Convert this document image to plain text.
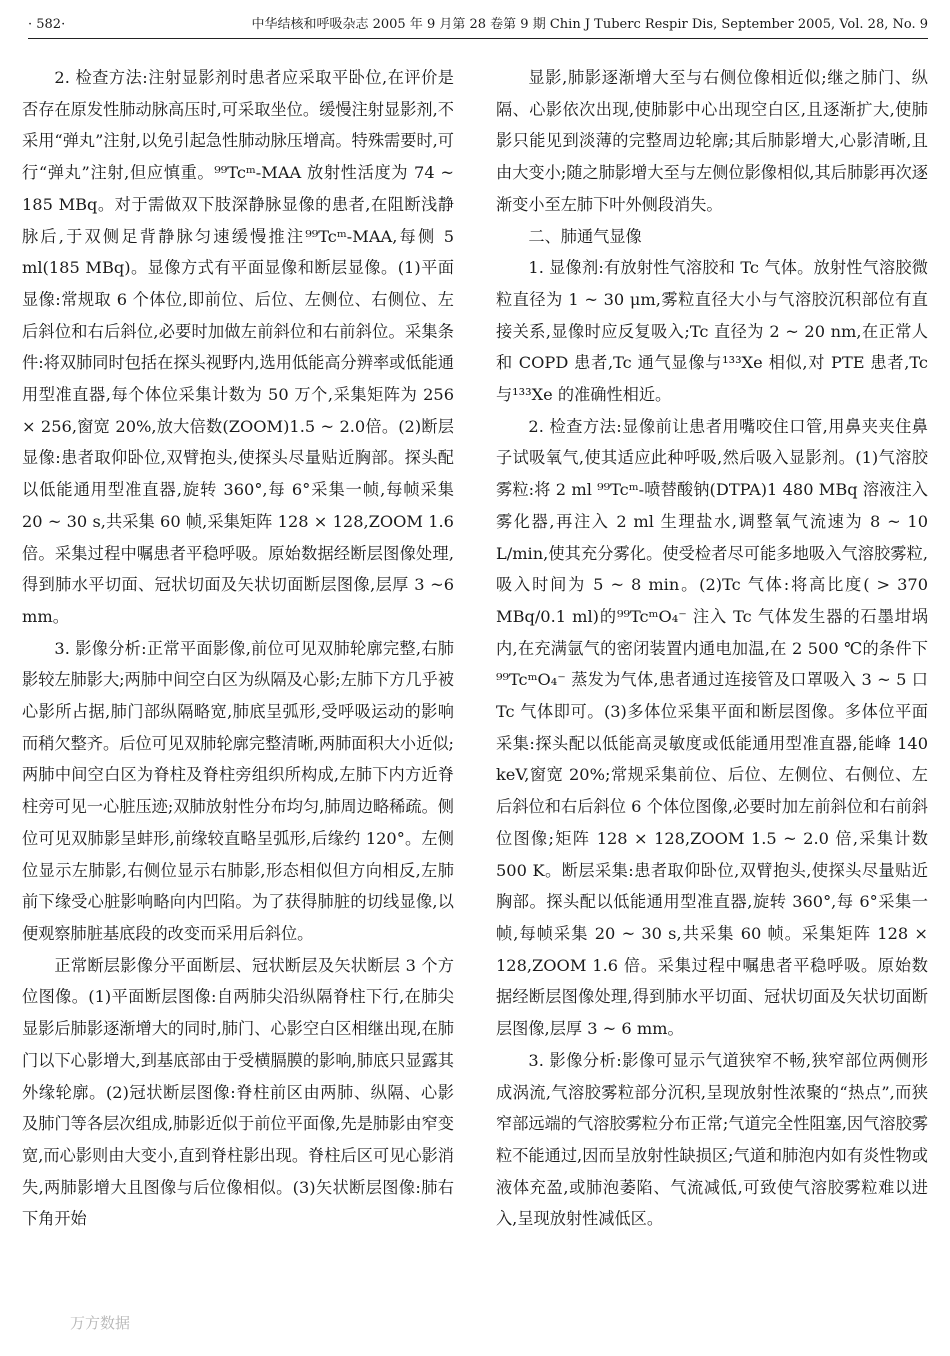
· 582·	中华结核和呼吸杂志 2005 年 9 月第 28 卷第 9 期 Chin J Tuberc Respir Dis, September 2005, Vol. 28, No. 9

2. 检查方法:注射显影剂时患者应采取平卧位,在评价是否存在原发性肺动脉高压时,可采取坐位。缓慢注射显影剂,不采用“弹丸”注射,以免引起急性肺动脉压增高。特殊需要时,可行“弹丸”注射,但应慎重。⁹⁹Tcᵐ-MAA 放射性活度为 74 ~ 185 MBq。对于需做双下肢深静脉显像的患者,在阻断浅静脉后,于双侧足背静脉匀速缓慢推注⁹⁹Tcᵐ-MAA,每侧 5 ml(185 MBq)。显像方式有平面显像和断层显像。(1)平面显像:常规取 6 个体位,即前位、后位、左侧位、右侧位、左后斜位和右后斜位,必要时加做左前斜位和右前斜位。采集条件:将双肺同时包括在探头视野内,选用低能高分辨率或低能通用型准直器,每个体位采集计数为 50 万个,采集矩阵为 256 × 256,窗宽 20%,放大倍数(ZOOM)1.5 ~ 2.0倍。(2)断层显像:患者取仰卧位,双臂抱头,使探头尽量贴近胸部。探头配以低能通用型准直器,旋转 360°,每 6°采集一帧,每帧采集 20 ~ 30 s,共采集 60 帧,采集矩阵 128 × 128,ZOOM 1.6 倍。采集过程中嘱患者平稳呼吸。原始数据经断层图像处理,得到肺水平切面、冠状切面及矢状切面断层图像,层厚 3 ~6 mm。

3. 影像分析:正常平面影像,前位可见双肺轮廓完整,右肺影较左肺影大;两肺中间空白区为纵隔及心影;左肺下方几乎被心影所占据,肺门部纵隔略宽,肺底呈弧形,受呼吸运动的影响而稍欠整齐。后位可见双肺轮廓完整清晰,两肺面积大小近似;两肺中间空白区为脊柱及脊柱旁组织所构成,左肺下内方近脊柱旁可见一心脏压迹;双肺放射性分布均匀,肺周边略稀疏。侧位可见双肺影呈蚌形,前缘较直略呈弧形,后缘约 120°。左侧位显示左肺影,右侧位显示右肺影,形态相似但方向相反,左肺前下缘受心脏影响略向内凹陷。为了获得肺脏的切线显像,以便观察肺脏基底段的改变而采用后斜位。

正常断层影像分平面断层、冠状断层及矢状断层 3 个方位图像。(1)平面断层图像:自两肺尖沿纵隔脊柱下行,在肺尖显影后肺影逐渐增大的同时,肺门、心影空白区相继出现,在肺门以下心影增大,到基底部由于受横膈膜的影响,肺底只显露其外缘轮廓。(2)冠状断层图像:脊柱前区由两肺、纵隔、心影及肺门等各层次组成,肺影近似于前位平面像,先是肺影由窄变宽,而心影则由大变小,直到脊柱影出现。脊柱后区可见心影消失,两肺影增大且图像与后位像相似。(3)矢状断层图像:肺右下角开始

显影,肺影逐渐增大至与右侧位像相近似;继之肺门、纵隔、心影依次出现,使肺影中心出现空白区,且逐渐扩大,使肺影只能见到淡薄的完整周边轮廓;其后肺影增大,心影清晰,且由大变小;随之肺影增大至与左侧位影像相似,其后肺影再次逐渐变小至左肺下叶外侧段消失。

二、肺通气显像

1. 显像剂:有放射性气溶胶和 Tc 气体。放射性气溶胶微粒直径为 1 ~ 30 μm,雾粒直径大小与气溶胶沉积部位有直接关系,显像时应反复吸入;Tc 直径为 2 ~ 20 nm,在正常人和 COPD 患者,Tc 通气显像与¹³³Xe 相似,对 PTE 患者,Tc 与¹³³Xe 的准确性相近。

2. 检查方法:显像前让患者用嘴咬住口管,用鼻夹夹住鼻子试吸氧气,使其适应此种呼吸,然后吸入显影剂。(1)气溶胶雾粒:将 2 ml ⁹⁹Tcᵐ-喷替酸钠(DTPA)1 480 MBq 溶液注入雾化器,再注入 2 ml 生理盐水,调整氧气流速为 8 ~ 10 L/min,使其充分雾化。使受检者尽可能多地吸入气溶胶雾粒,吸入时间为 5 ~ 8 min。(2)Tc 气体:将高比度( > 370 MBq/0.1 ml)的⁹⁹TcᵐO₄⁻ 注入 Tc 气体发生器的石墨坩埚内,在充满氩气的密闭装置内通电加温,在 2 500 ℃的条件下⁹⁹TcᵐO₄⁻ 蒸发为气体,患者通过连接管及口罩吸入 3 ~ 5 口 Tc 气体即可。(3)多体位采集平面和断层图像。多体位平面采集:探头配以低能高灵敏度或低能通用型准直器,能峰 140 keV,窗宽 20%;常规采集前位、后位、左侧位、右侧位、左后斜位和右后斜位 6 个体位图像,必要时加左前斜位和右前斜位图像;矩阵 128 × 128,ZOOM 1.5 ~ 2.0 倍,采集计数 500 K。断层采集:患者取仰卧位,双臂抱头,使探头尽量贴近胸部。探头配以低能通用型准直器,旋转 360°,每 6°采集一帧,每帧采集 20 ~ 30 s,共采集 60 帧。采集矩阵 128 × 128,ZOOM 1.6 倍。采集过程中嘱患者平稳呼吸。原始数据经断层图像处理,得到肺水平切面、冠状切面及矢状切面断层图像,层厚 3 ~ 6 mm。

3. 影像分析:影像可显示气道狭窄不畅,狭窄部位两侧形成涡流,气溶胶雾粒部分沉积,呈现放射性浓聚的“热点”,而狭窄部远端的气溶胶雾粒分布正常;气道完全性阻塞,因气溶胶雾粒不能通过,因而呈放射性缺损区;气道和肺泡内如有炎性物或液体充盈,或肺泡萎陷、气流减低,可致使气溶胶雾粒难以进入,呈现放射性减低区。

万方数据
